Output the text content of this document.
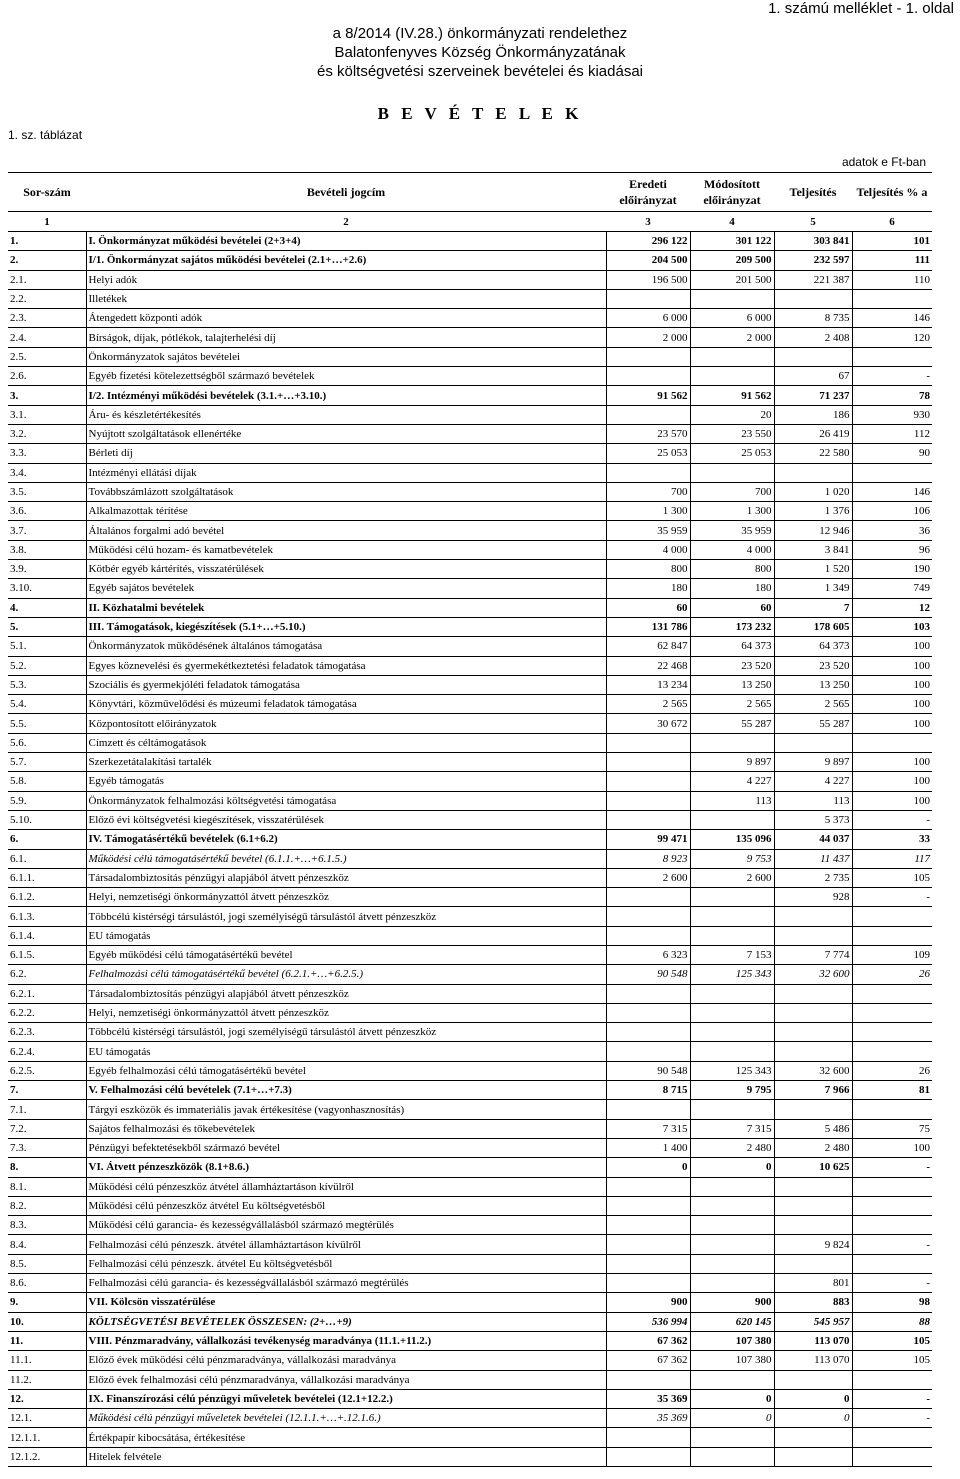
1. számú melléklet - 1. oldal
a 8/2014 (IV.28.) önkormányzati rendelethez
Balatonfenyves Község Önkormányzatának
és költségvetési szerveinek bevételei és kiadásai
B E V É T E L E K
1. sz. táblázat
adatok e Ft-ban
Sor-szám	Bevételi jogcím	Eredeti előirányzat	Módosított előirányzat	Teljesítés	Teljesítés % a
1	2	3	4	5	6
1.	I. Önkormányzat működési bevételei (2+3+4)	296 122	301 122	303 841	101
2.	I/1. Önkormányzat sajátos működési bevételei (2.1+…+2.6)	204 500	209 500	232 597	111
2.1.	Helyi adók	196 500	201 500	221 387	110
2.2.	Illetékek				
2.3.	Átengedett központi adók	6 000	6 000	8 735	146
2.4.	Bírságok, díjak, pótlékok, talajterhelési díj	2 000	2 000	2 408	120
2.5.	Önkormányzatok sajátos bevételei				
2.6.	Egyéb fizetési kötelezettségből származó bevételek			67	-
3.	I/2. Intézményi működési bevételek (3.1.+…+3.10.)	91 562	91 562	71 237	78
3.1.	Áru- és készletértékesítés		20	186	930
3.2.	Nyújtott szolgáltatások ellenértéke	23 570	23 550	26 419	112
3.3.	Bérleti díj	25 053	25 053	22 580	90
3.4.	Intézményi ellátási díjak				
3.5.	Továbbszámlázott szolgáltatások	700	700	1 020	146
3.6.	Alkalmazottak térítése	1 300	1 300	1 376	106
3.7.	Általános forgalmi adó bevétel	35 959	35 959	12 946	36
3.8.	Működési célú hozam- és kamatbevételek	4 000	4 000	3 841	96
3.9.	Kötbér egyéb kártérítés, visszatérülések	800	800	1 520	190
3.10.	Egyéb sajátos bevételek	180	180	1 349	749
4.	II. Közhatalmi bevételek	60	60	7	12
5.	III. Támogatások, kiegészítések (5.1+…+5.10.)	131 786	173 232	178 605	103
5.1.	Önkormányzatok működésének általános támogatása	62 847	64 373	64 373	100
5.2.	Egyes köznevelési és gyermekétkeztetési feladatok támogatása	22 468	23 520	23 520	100
5.3.	Szociális és gyermekjóléti feladatok támogatása	13 234	13 250	13 250	100
5.4.	Könyvtári, közművelődési és múzeumi feladatok támogatása	2 565	2 565	2 565	100
5.5.	Központosított előirányzatok	30 672	55 287	55 287	100
5.6.	Címzett és céltámogatások				
5.7.	Szerkezetátalakítási tartalék		9 897	9 897	100
5.8.	Egyéb támogatás		4 227	4 227	100
5.9.	Önkormányzatok felhalmozási költségvetési támogatása		113	113	100
5.10.	Előző évi költségvetési kiegészítések, visszatérülések			5 373	-
6.	IV. Támogatásértékű bevételek (6.1+6.2)	99 471	135 096	44 037	33
6.1.	Működési célú támogatásértékű bevétel (6.1.1.+…+6.1.5.)	8 923	9 753	11 437	117
6.1.1.	Társadalombiztosítás pénzügyi alapjából átvett pénzeszköz	2 600	2 600	2 735	105
6.1.2.	Helyi, nemzetiségi önkormányzattól átvett pénzeszköz			928	-
6.1.3.	Többcélú kistérségi társulástól, jogi személyiségű társulástól átvett pénzeszköz				
6.1.4.	EU támogatás				
6.1.5.	Egyéb működési célú támogatásértékű bevétel	6 323	7 153	7 774	109
6.2.	Felhalmozási célú támogatásértékű bevétel (6.2.1.+…+6.2.5.)	90 548	125 343	32 600	26
6.2.1.	Társadalombiztosítás pénzügyi alapjából átvett pénzeszköz				
6.2.2.	Helyi, nemzetiségi önkormányzattól átvett pénzeszköz				
6.2.3.	Többcélú kistérségi társulástól, jogi személyiségű társulástól átvett pénzeszköz				
6.2.4.	EU támogatás				
6.2.5.	Egyéb felhalmozási célú támogatásértékű bevétel	90 548	125 343	32 600	26
7.	V. Felhalmozási célú bevételek (7.1+…+7.3)	8 715	9 795	7 966	81
7.1.	Tárgyi eszközök és immateriális javak értékesítése (vagyonhasznosítás)				
7.2.	Sajátos felhalmozási és tőkebevételek	7 315	7 315	5 486	75
7.3.	Pénzügyi befektetésekből származó bevétel	1 400	2 480	2 480	100
8.	VI. Átvett pénzeszközök (8.1+8.6.)	0	0	10 625	-
8.1.	Működési célú pénzeszköz átvétel államháztartáson kívülről				
8.2.	Működési célú pénzeszköz átvétel Eu költségvetésből				
8.3.	Működési célú garancia- és kezességvállalásból származó megtérülés				
8.4.	Felhalmozási célú pénzeszk. átvétel államháztartáson kívülről			9 824	-
8.5.	Felhalmozási célú pénzeszk. átvétel Eu költségvetésből				
8.6.	Felhalmozási célú garancia- és kezességvállalásból származó megtérülés			801	-
9.	VII. Kölcsön visszatérülése	900	900	883	98
10.	KÖLTSÉGVETÉSI BEVÉTELEK ÖSSZESEN: (2+…+9)	536 994	620 145	545 957	88
11.	VIII. Pénzmaradvány, vállalkozási tevékenység maradványa (11.1.+11.2.)	67 362	107 380	113 070	105
11.1.	Előző évek működési célú pénzmaradványa, vállalkozási maradványa	67 362	107 380	113 070	105
11.2.	Előző évek felhalmozási célú pénzmaradványa, vállalkozási maradványa				
12.	IX. Finanszírozási célú pénzügyi műveletek bevételei (12.1+12.2.)	35 369	0	0	-
12.1.	Működési célú pénzügyi műveletek bevételei (12.1.1.+…+.12.1.6.)	35 369	0	0	-
12.1.1.	Értékpapír kibocsátása, értékesítése				
12.1.2.	Hitelek felvétele				
